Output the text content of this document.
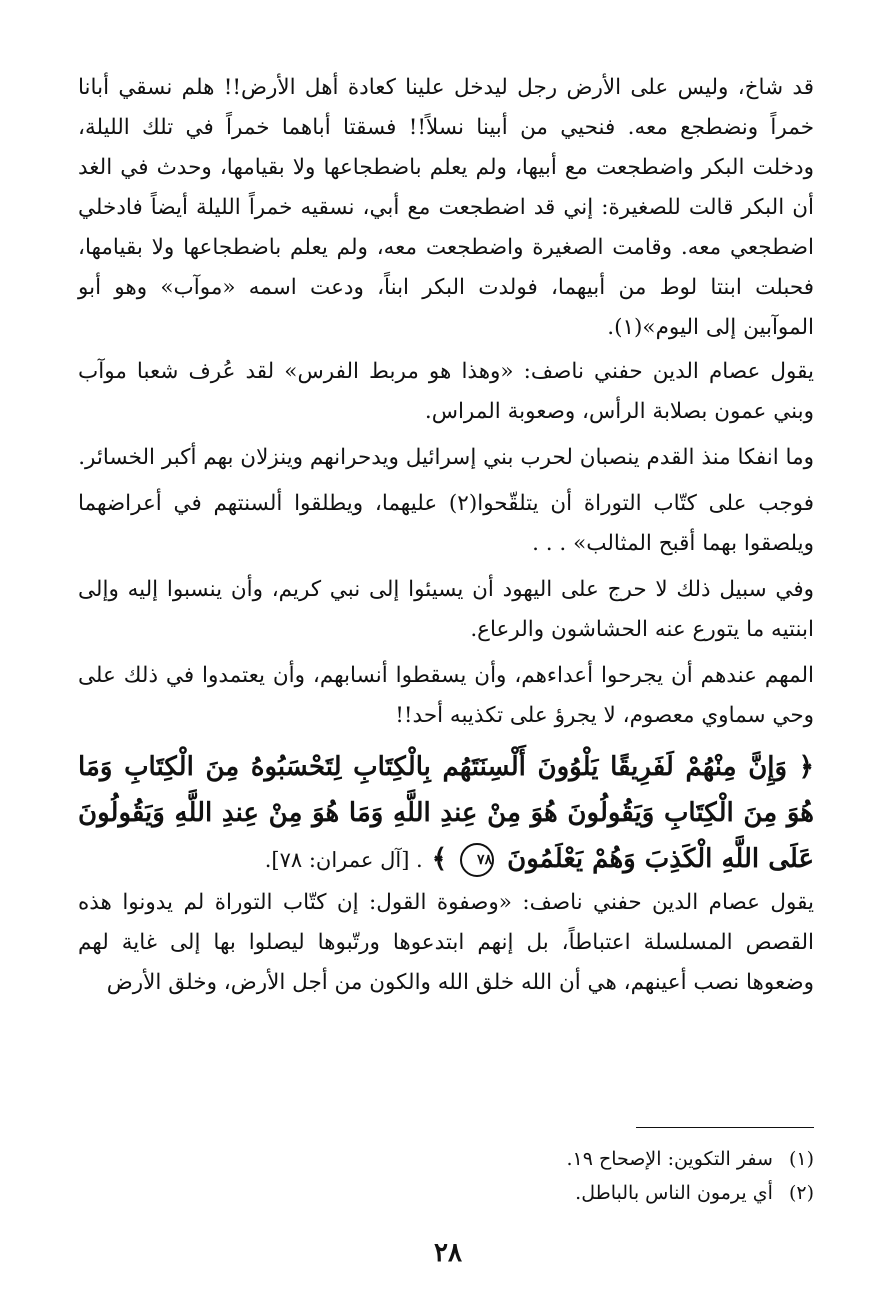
قد شاخ، وليس على الأرض رجل ليدخل علينا كعادة أهل الأرض!! هلم نسقي أبانا خمراً ونضطجع معه. فنحيي من أبينا نسلاً!! فسقتا أباهما خمراً في تلك الليلة، ودخلت البكر واضطجعت مع أبيها، ولم يعلم باضطجاعها ولا بقيامها، وحدث في الغد أن البكر قالت للصغيرة: إني قد اضطجعت مع أبي، نسقيه خمراً الليلة أيضاً فادخلي اضطجعي معه. وقامت الصغيرة واضطجعت معه، ولم يعلم باضطجاعها ولا بقيامها، فحبلت ابنتا لوط من أبيهما، فولدت البكر ابناً، ودعت اسمه «موآب» وهو أبو الموآبين إلى اليوم»(١).

يقول عصام الدين حفني ناصف: «وهذا هو مربط الفرس» لقد عُرف شعبا موآب وبني عمون بصلابة الرأس، وصعوبة المراس.

وما انفكا منذ القدم ينصبان لحرب بني إسرائيل ويدحرانهم وينزلان بهم أكبر الخسائر.

فوجب على كتّاب التوراة أن يتلقّحوا(٢) عليهما، ويطلقوا ألسنتهم في أعراضهما ويلصقوا بهما أقبح المثالب» . . .

وفي سبيل ذلك لا حرج على اليهود أن يسيئوا إلى نبي كريم، وأن ينسبوا إليه وإلى ابنتيه ما يتورع عنه الحشاشون والرعاع.

المهم عندهم أن يجرحوا أعداءهم، وأن يسقطوا أنسابهم، وأن يعتمدوا في ذلك على وحي سماوي معصوم، لا يجرؤ على تكذيبه أحد!!

﴿ وَإِنَّ مِنْهُمْ لَفَرِيقًا يَلْوُونَ أَلْسِنَتَهُم بِالْكِتَابِ لِتَحْسَبُوهُ مِنَ الْكِتَابِ وَمَا هُوَ مِنَ الْكِتَابِ وَيَقُولُونَ هُوَ مِنْ عِندِ اللَّهِ وَمَا هُوَ مِنْ عِندِ اللَّهِ وَيَقُولُونَ عَلَى اللَّهِ الْكَذِبَ وَهُمْ يَعْلَمُونَ ٧٨ ﴾ . [آل عمران: ٧٨].

يقول عصام الدين حفني ناصف: «وصفوة القول: إن كتّاب التوراة لم يدونوا هذه القصص المسلسلة اعتباطاً، بل إنهم ابتدعوها ورتّبوها ليصلوا بها إلى غاية لهم وضعوها نصب أعينهم، هي أن الله خلق الله والكون من أجل الأرض، وخلق الأرض

(١) سفر التكوين: الإصحاح ١٩.
(٢) أي يرمون الناس بالباطل.
٢٨
